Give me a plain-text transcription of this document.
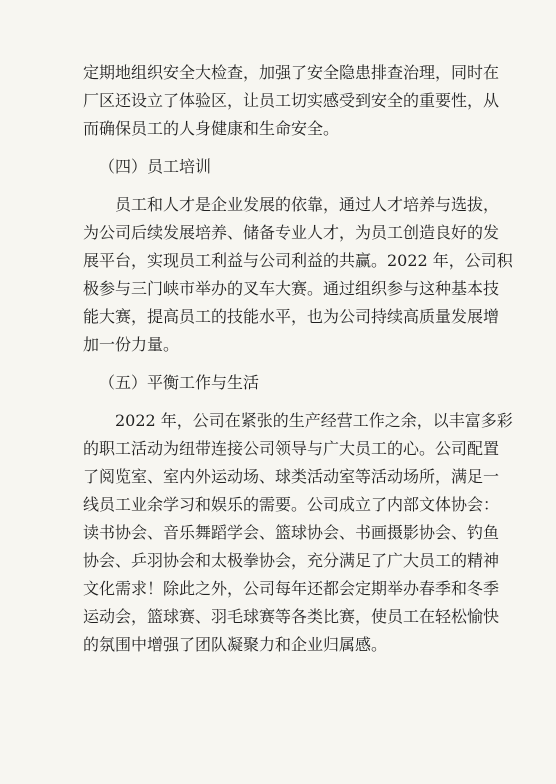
定期地组织安全大检查，加强了安全隐患排查治理，同时在
厂区还设立了体验区，让员工切实感受到安全的重要性，从
而确保员工的人身健康和生命安全。
（四）员工培训
员工和人才是企业发展的依靠，通过人才培养与选拔，
为公司后续发展培养、储备专业人才，为员工创造良好的发
展平台，实现员工利益与公司利益的共赢。2022 年，公司积
极参与三门峡市举办的叉车大赛。通过组织参与这种基本技
能大赛，提高员工的技能水平，也为公司持续高质量发展增
加一份力量。
（五）平衡工作与生活
2022 年，公司在紧张的生产经营工作之余，以丰富多彩
的职工活动为纽带连接公司领导与广大员工的心。公司配置
了阅览室、室内外运动场、球类活动室等活动场所，满足一
线员工业余学习和娱乐的需要。公司成立了内部文体协会：
读书协会、音乐舞蹈学会、篮球协会、书画摄影协会、钓鱼
协会、乒羽协会和太极拳协会，充分满足了广大员工的精神
文化需求！除此之外，公司每年还都会定期举办春季和冬季
运动会，篮球赛、羽毛球赛等各类比赛，使员工在轻松愉快
的氛围中增强了团队凝聚力和企业归属感。
